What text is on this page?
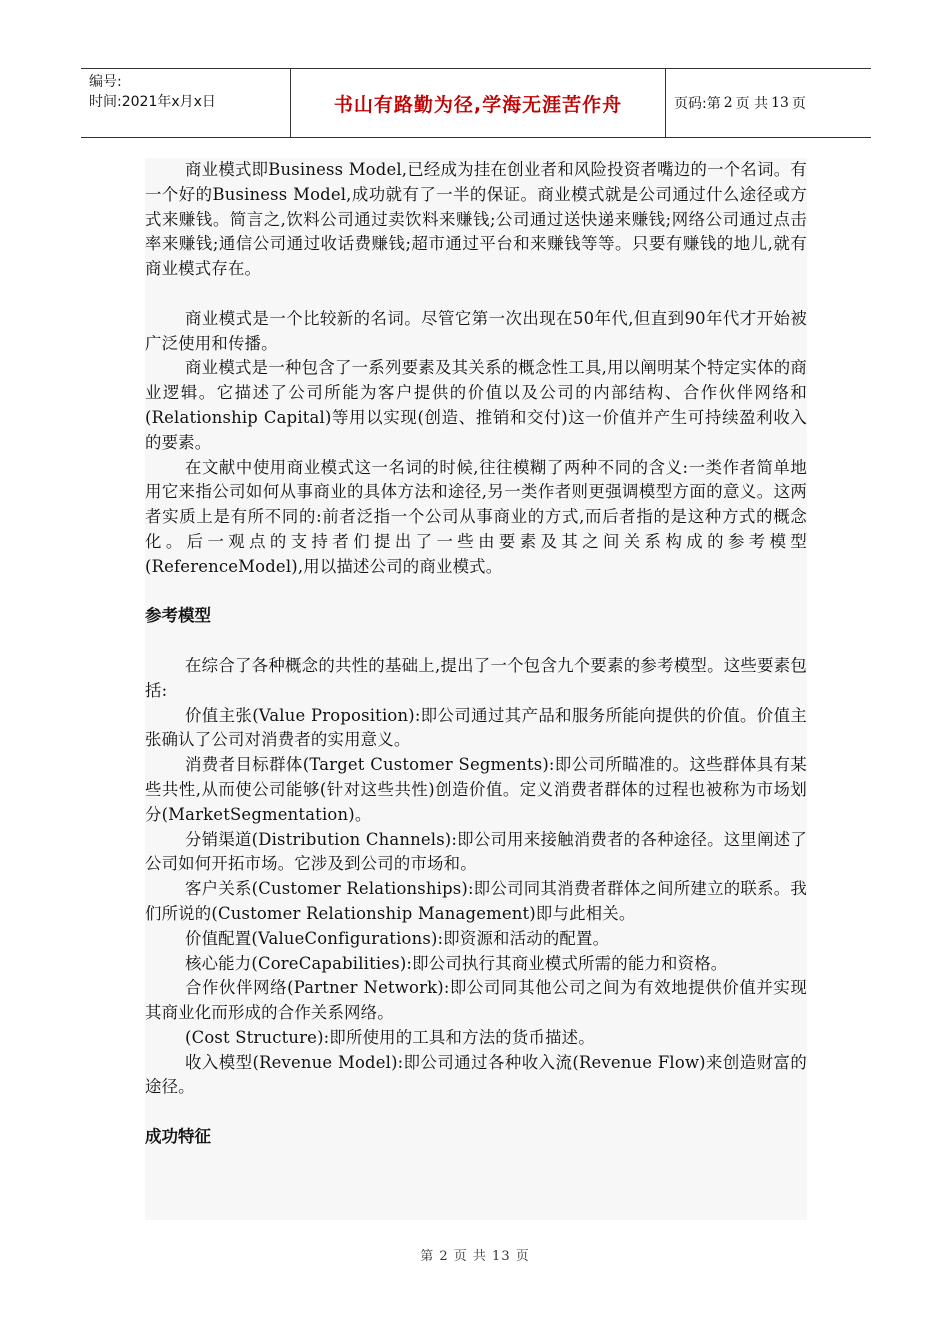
编号:
时间:2021年x月x日	书山有路勤为径,学海无涯苦作舟	页码:第 2 页 共 13 页

商业模式即Business Model,已经成为挂在创业者和风险投资者嘴边的一个名词。有一个好的Business Model,成功就有了一半的保证。商业模式就是公司通过什么途径或方式来赚钱。简言之,饮料公司通过卖饮料来赚钱;公司通过送快递来赚钱;网络公司通过点击率来赚钱;通信公司通过收话费赚钱;超市通过平台和来赚钱等等。只要有赚钱的地儿,就有商业模式存在。

商业模式是一个比较新的名词。尽管它第一次出现在50年代,但直到90年代才开始被广泛使用和传播。

商业模式是一种包含了一系列要素及其关系的概念性工具,用以阐明某个特定实体的商业逻辑。它描述了公司所能为客户提供的价值以及公司的内部结构、合作伙伴网络和(Relationship Capital)等用以实现(创造、推销和交付)这一价值并产生可持续盈利收入的要素。

在文献中使用商业模式这一名词的时候,往往模糊了两种不同的含义:一类作者简单地用它来指公司如何从事商业的具体方法和途径,另一类作者则更强调模型方面的意义。这两者实质上是有所不同的:前者泛指一个公司从事商业的方式,而后者指的是这种方式的概念化。后一观点的支持者们提出了一些由要素及其之间关系构成的参考模型(ReferenceModel),用以描述公司的商业模式。

参考模型

在综合了各种概念的共性的基础上,提出了一个包含九个要素的参考模型。这些要素包括:

价值主张(Value Proposition):即公司通过其产品和服务所能向提供的价值。价值主张确认了公司对消费者的实用意义。

消费者目标群体(Target Customer Segments):即公司所瞄准的。这些群体具有某些共性,从而使公司能够(针对这些共性)创造价值。定义消费者群体的过程也被称为市场划分(MarketSegmentation)。

分销渠道(Distribution Channels):即公司用来接触消费者的各种途径。这里阐述了公司如何开拓市场。它涉及到公司的市场和。

客户关系(Customer Relationships):即公司同其消费者群体之间所建立的联系。我们所说的(Customer Relationship Management)即与此相关。

价值配置(ValueConfigurations):即资源和活动的配置。

核心能力(CoreCapabilities):即公司执行其商业模式所需的能力和资格。

合作伙伴网络(Partner Network):即公司同其他公司之间为有效地提供价值并实现其商业化而形成的合作关系网络。

(Cost Structure):即所使用的工具和方法的货币描述。

收入模型(Revenue Model):即公司通过各种收入流(Revenue Flow)来创造财富的途径。

成功特征

第 2 页 共 13 页
